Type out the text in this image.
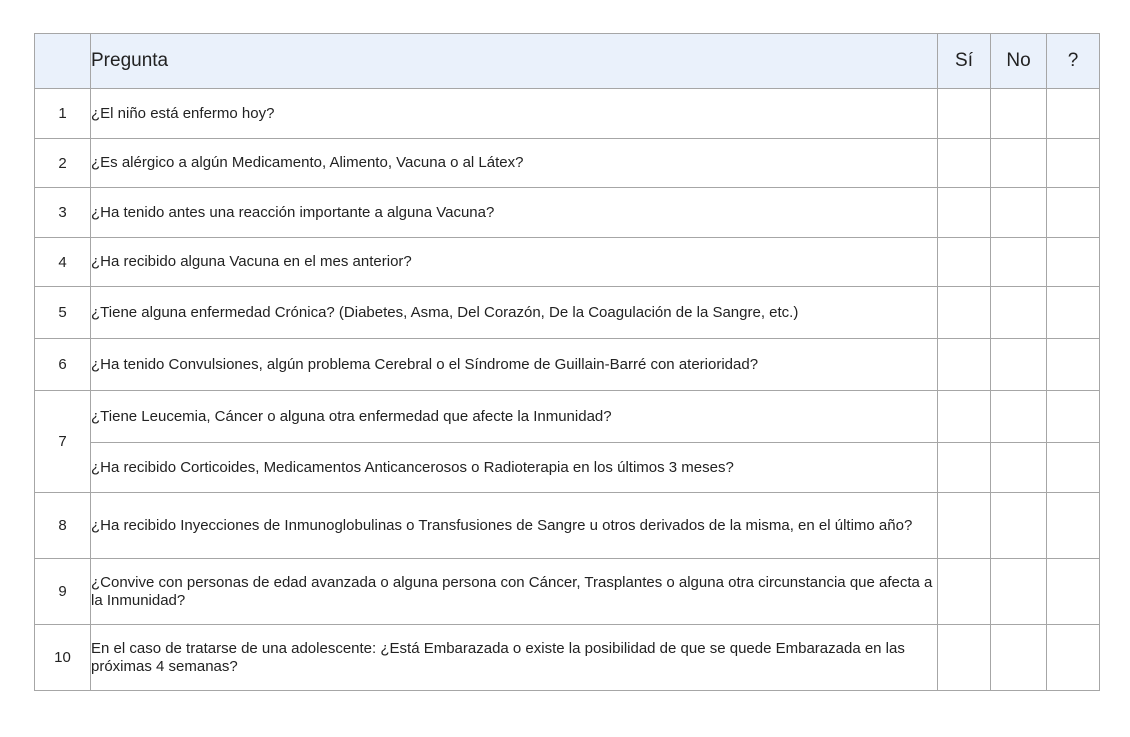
	Pregunta	Sí	No	?
1	¿El niño está enfermo hoy?			
2	¿Es alérgico a algún Medicamento, Alimento, Vacuna o al Látex?			
3	¿Ha tenido antes una reacción importante a alguna Vacuna?			
4	¿Ha recibido alguna Vacuna en el mes anterior?			
5	¿Tiene alguna enfermedad Crónica? (Diabetes, Asma, Del Corazón, De la Coagulación de la Sangre, etc.)			
6	¿Ha tenido Convulsiones, algún problema Cerebral o el Síndrome de Guillain-Barré con ateriorida​d?			
7	¿Tiene Leucemia, Cáncer o alguna otra enfermedad que afecte la Inmunidad?			
	¿Ha recibido Corticoides, Medicamentos Anticancerosos o Radioterapia en los últimos 3 meses?			
8	¿Ha recibido Inyecciones de Inmunoglobulinas o Transfusiones de Sangre u otros derivados de la misma, en el último año?			
9	¿Convive con personas de edad avanzada o alguna persona con Cáncer, Trasplantes o alguna otra circunstancia que afecta a la Inmunidad?			
10	En el caso de tratarse de una adolescente: ¿Está Embarazada o existe la posibilidad de que se quede Embarazada en las próximas 4 semanas?			
